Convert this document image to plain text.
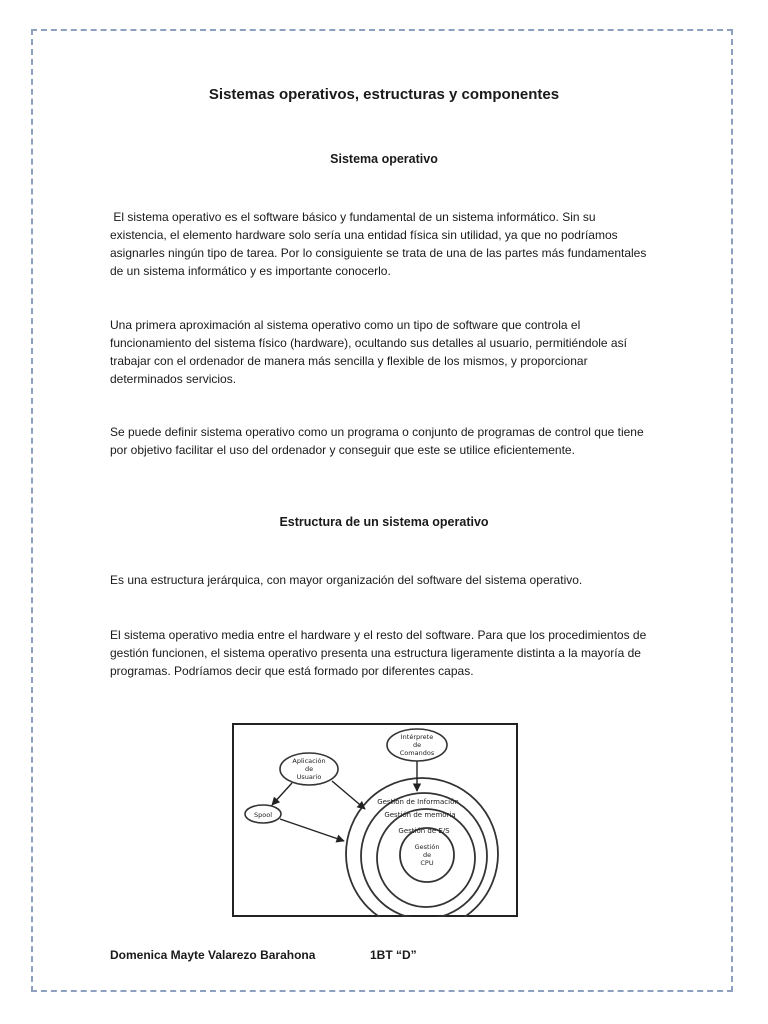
Sistemas operativos, estructuras y componentes
Sistema operativo

El sistema operativo es el software básico y fundamental de un sistema informático. Sin su existencia, el elemento hardware solo sería una entidad física sin utilidad, ya que no podríamos asignarles ningún tipo de tarea. Por lo consiguiente se trata de una de las partes más fundamentales de un sistema informático y es importante conocerlo.

Una primera aproximación al sistema operativo como un tipo de software que controla el funcionamiento del sistema físico (hardware), ocultando sus detalles al usuario, permitiéndole así trabajar con el ordenador de manera más sencilla y flexible de los mismos, y proporcionar determinados servicios.

Se puede definir sistema operativo como un programa o conjunto de programas de control que tiene por objetivo facilitar el uso del ordenador y conseguir que este se utilice eficientemente.

Estructura de un sistema operativo

Es una estructura jerárquica, con mayor organización del software del sistema operativo.

El sistema operativo media entre el hardware y el resto del software. Para que los procedimientos de gestión funcionen, el sistema operativo presenta una estructura ligeramente distinta a la mayoría de programas. Podríamos decir que está formado por diferentes capas.

Gestión de Información
Gestión de memoria
Gestión de E/S
Gestión
de
CPU
Intérprete
de
Comandos
Aplicación
de
Usuario
Spool

Domenica Mayte Valarezo Barahona	1BT “D”
